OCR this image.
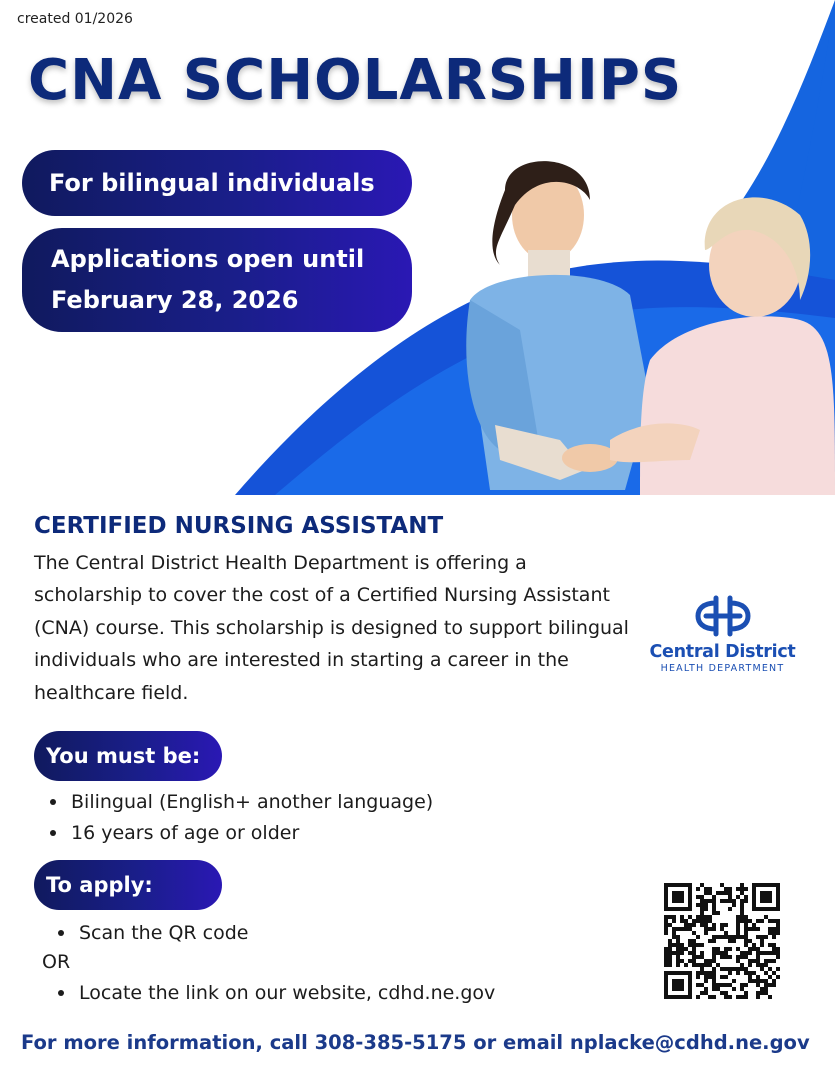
created 01/2026
CNA SCHOLARSHIPS
For bilingual individuals
Applications open until
February 28, 2026
CERTIFIED NURSING ASSISTANT
The Central District Health Department is offering a scholarship to cover the cost of a Certified Nursing Assistant (CNA) course. This scholarship is designed to support bilingual individuals who are interested in starting a career in the healthcare field.
Central District
HEALTH DEPARTMENT
You must be:
Bilingual (English+ another language)
16 years of age or older
To apply:
Scan the QR code
OR
Locate the link on our website, cdhd.ne.gov
For more information, call 308-385-5175 or email nplacke@cdhd.ne.gov
